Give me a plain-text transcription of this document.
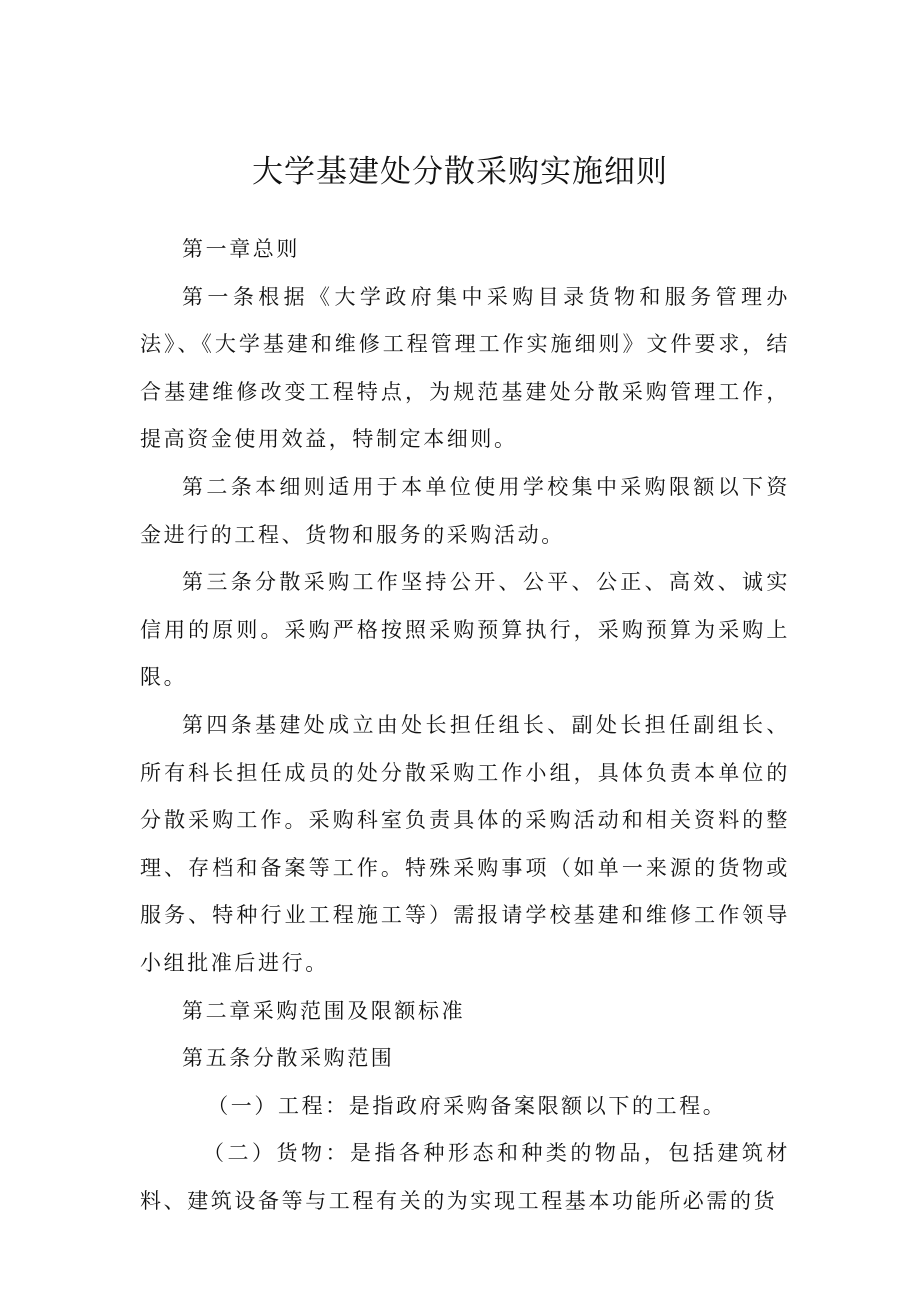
大学基建处分散采购实施细则

第一章总则

第一条根据《大学政府集中采购目录货物和服务管理办法》、《大学基建和维修工程管理工作实施细则》文件要求，结合基建维修改变工程特点，为规范基建处分散采购管理工作，提高资金使用效益，特制定本细则。

第二条本细则适用于本单位使用学校集中采购限额以下资金进行的工程、货物和服务的采购活动。

第三条分散采购工作坚持公开、公平、公正、高效、诚实信用的原则。采购严格按照采购预算执行，采购预算为采购上限。

第四条基建处成立由处长担任组长、副处长担任副组长、所有科长担任成员的处分散采购工作小组，具体负责本单位的分散采购工作。采购科室负责具体的采购活动和相关资料的整理、存档和备案等工作。特殊采购事项（如单一来源的货物或服务、特种行业工程施工等）需报请学校基建和维修工作领导小组批准后进行。

第二章采购范围及限额标准

第五条分散采购范围

（一）工程：是指政府采购备案限额以下的工程。

（二）货物：是指各种形态和种类的物品，包括建筑材料、建筑设备等与工程有关的为实现工程基本功能所必需的货
